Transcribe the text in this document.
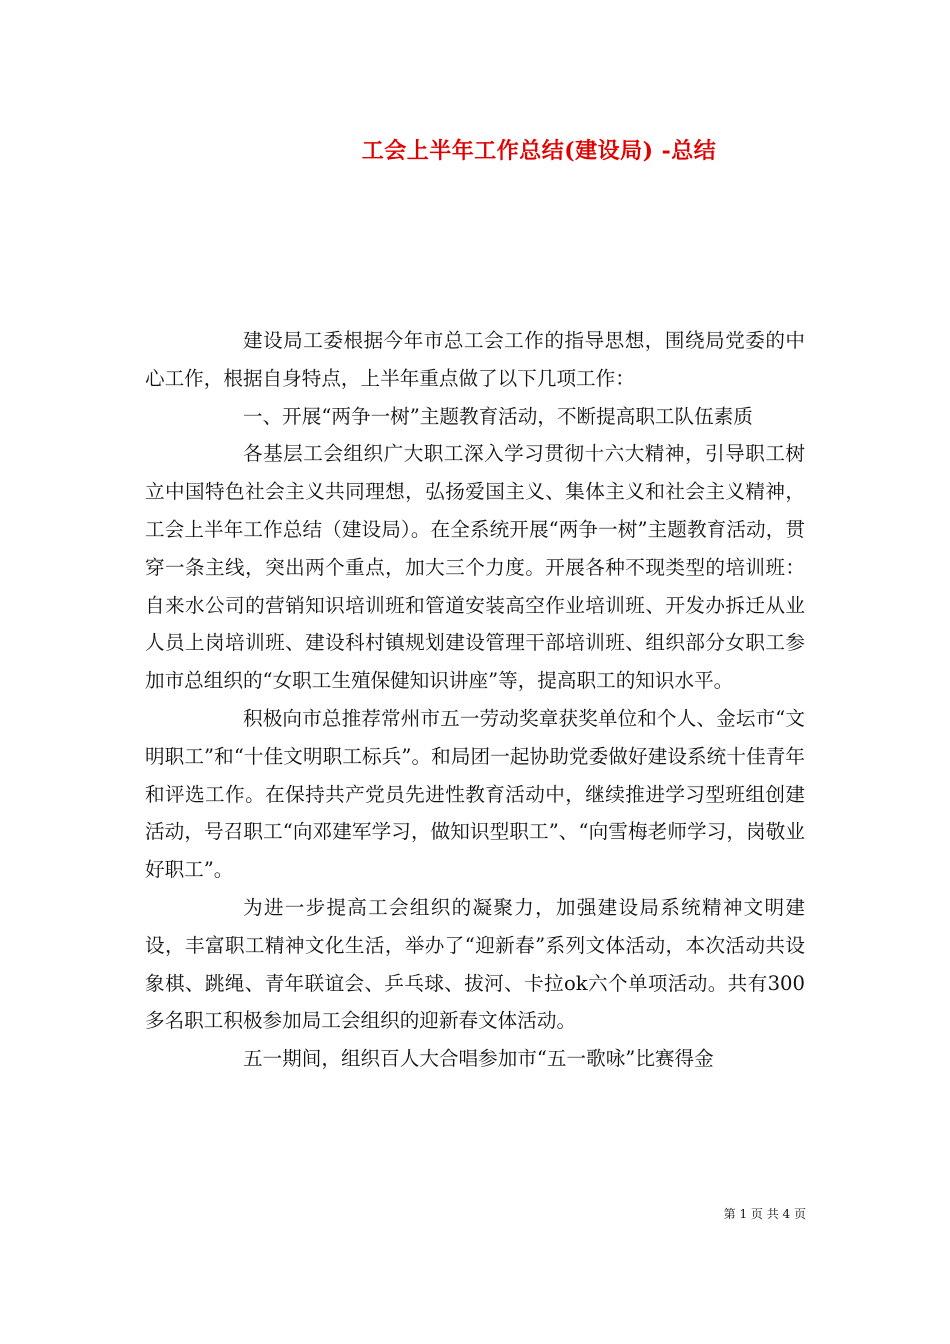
工会上半年工作总结(建设局) -总结

建设局工委根据今年市总工会工作的指导思想，围绕局党委的中心工作，根据自身特点，上半年重点做了以下几项工作：

一、开展“两争一树”主题教育活动，不断提高职工队伍素质

各基层工会组织广大职工深入学习贯彻十六大精神，引导职工树立中国特色社会主义共同理想，弘扬爱国主义、集体主义和社会主义精神，工会上半年工作总结（建设局）。在全系统开展“两争一树”主题教育活动，贯穿一条主线，突出两个重点，加大三个力度。开展各种不现类型的培训班：自来水公司的营销知识培训班和管道安装高空作业培训班、开发办拆迁从业人员上岗培训班、建设科村镇规划建设管理干部培训班、组织部分女职工参加市总组织的“女职工生殖保健知识讲座”等，提高职工的知识水平。

积极向市总推荐常州市五一劳动奖章获奖单位和个人、金坛市“文明职工”和“十佳文明职工标兵”。和局团一起协助党委做好建设系统十佳青年和评选工作。在保持共产党员先进性教育活动中，继续推进学习型班组创建活动，号召职工“向邓建军学习，做知识型职工”、“向雪梅老师学习，岗敬业好职工”。

为进一步提高工会组织的凝聚力，加强建设局系统精神文明建设，丰富职工精神文化生活，举办了“迎新春”系列文体活动，本次活动共设象棋、跳绳、青年联谊会、乒乓球、拔河、卡拉ok六个单项活动。共有300多名职工积极参加局工会组织的迎新春文体活动。

五一期间，组织百人大合唱参加市“五一歌咏”比赛得金

第 1 页 共 4 页
